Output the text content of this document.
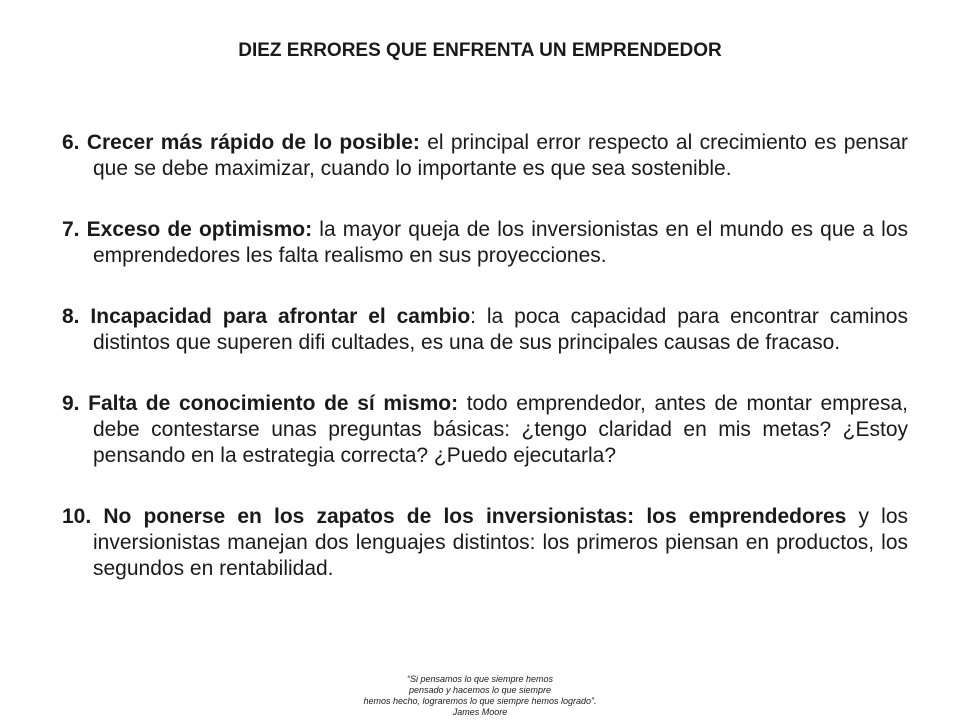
DIEZ ERRORES QUE ENFRENTA UN EMPRENDEDOR

6. Crecer más rápido de lo posible: el principal error respecto al crecimiento es pensar que se debe maximizar, cuando lo importante es que sea sostenible.

7. Exceso de optimismo: la mayor queja de los inversionistas en el mundo es que a los emprendedores les falta realismo en sus proyecciones.

8. Incapacidad para afrontar el cambio: la poca capacidad para encontrar caminos distintos que superen difi cultades, es una de sus principales causas de fracaso.

9. Falta de conocimiento de sí mismo: todo emprendedor, antes de montar empresa, debe contestarse unas preguntas básicas: ¿tengo claridad en mis metas? ¿Estoy pensando en la estrategia correcta? ¿Puedo ejecutarla?

10. No ponerse en los zapatos de los inversionistas: los emprendedores y los inversionistas manejan dos lenguajes distintos: los primeros piensan en productos, los segundos en rentabilidad.

“Si pensamos lo que siempre hemos
pensado y hacemos lo que siempre
hemos hecho, lograremos lo que siempre hemos logrado”.
James Moore
